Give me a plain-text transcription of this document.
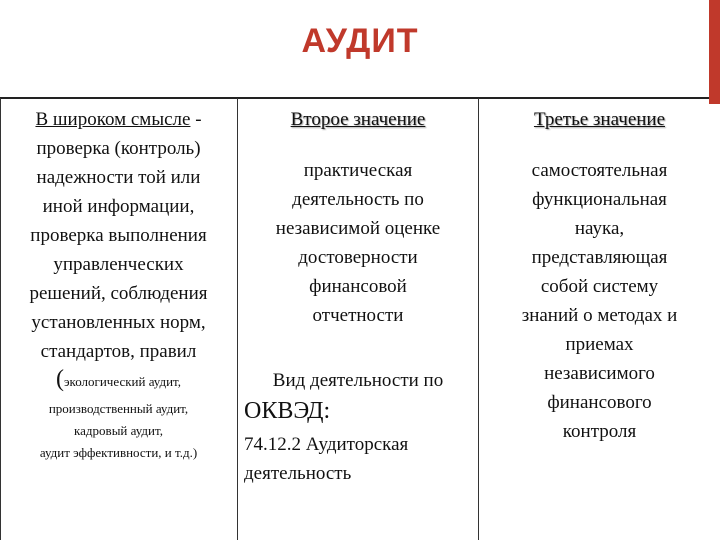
АУДИТ
В широком смысле -
проверка (контроль)
надежности той или
иной информации,
проверка выполнения
управленческих
решений, соблюдения
установленных норм,
стандартов, правил
(экологический аудит,
производственный аудит,
кадровый аудит,
аудит эффективности, и т.д.)
Второе значение
практическая
деятельность по
независимой оценке
достоверности
финансовой
отчетности
Вид деятельности по
ОКВЭД:
74.12.2 Аудиторская
деятельность
Третье значение
самостоятельная
функциональная
наука,
представляющая
собой систему
знаний о методах и
приемах
независимого
финансового
контроля
